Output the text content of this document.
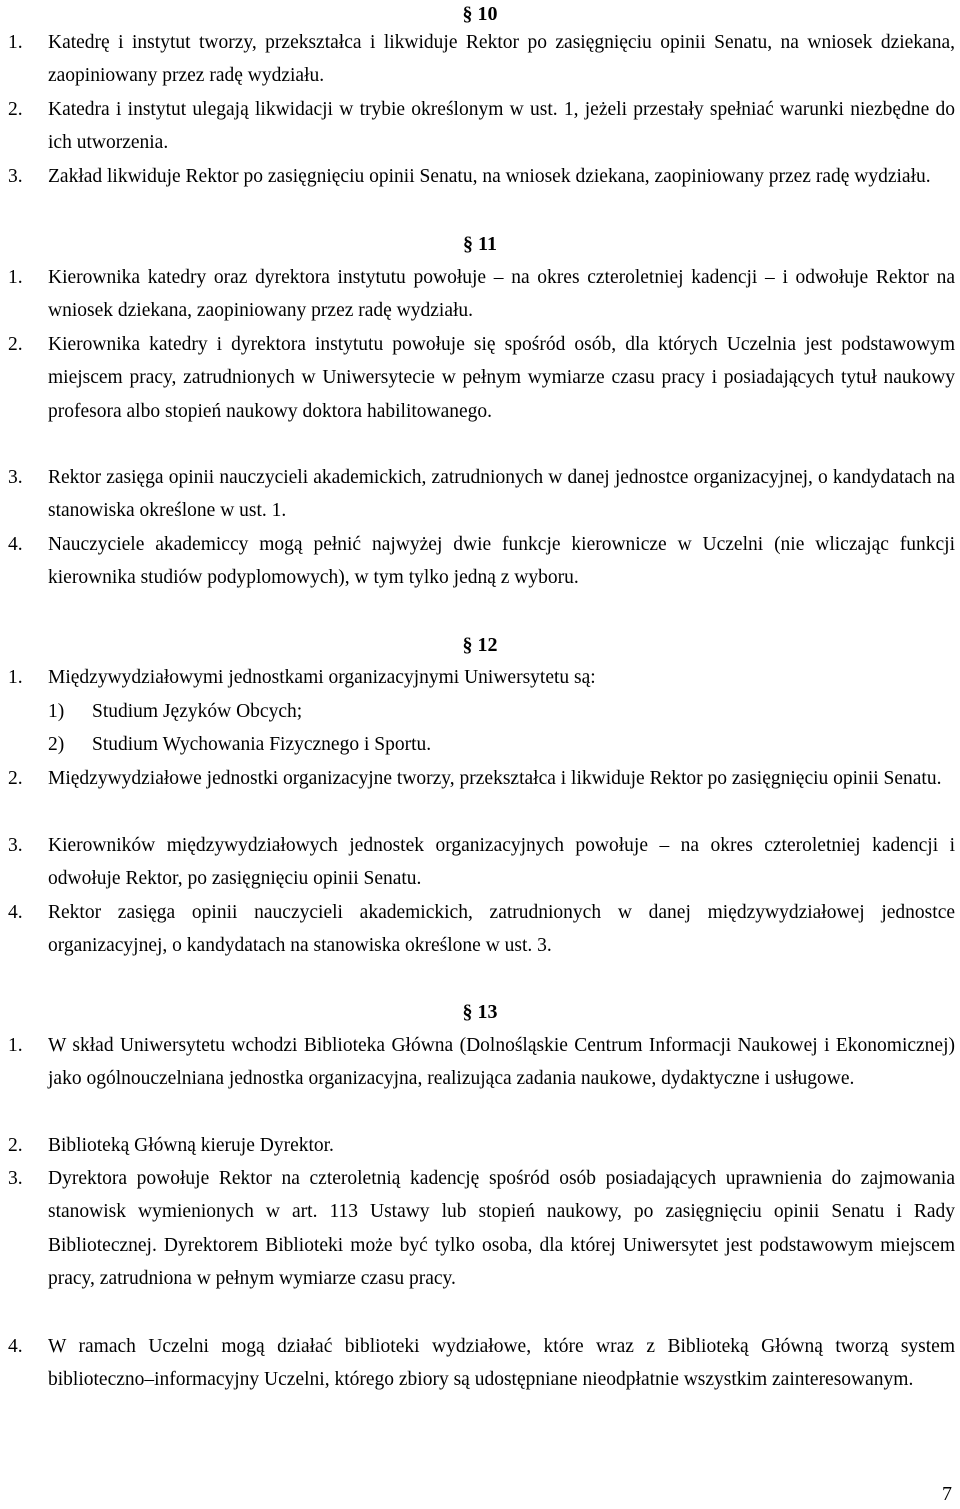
§ 10
1. Katedrę i instytut tworzy, przekształca i likwiduje Rektor po zasięgnięciu opinii Senatu, na wniosek dziekana, zaopiniowany przez radę wydziału.
2. Katedra i instytut ulegają likwidacji w trybie określonym w ust. 1, jeżeli przestały spełniać warunki niezbędne do ich utworzenia.
3. Zakład likwiduje Rektor po zasięgnięciu opinii Senatu, na wniosek dziekana, zaopiniowany przez radę wydziału.
§ 11
1. Kierownika katedry oraz dyrektora instytutu powołuje – na okres czteroletniej kadencji – i odwołuje Rektor na wniosek dziekana, zaopiniowany przez radę wydziału.
2. Kierownika katedry i dyrektora instytutu powołuje się spośród osób, dla których Uczelnia jest podstawowym miejscem pracy, zatrudnionych w Uniwersytecie w pełnym wymiarze czasu pracy i posiadających tytuł naukowy profesora albo stopień naukowy doktora habilitowanego.
3. Rektor zasięga opinii nauczycieli akademickich, zatrudnionych w danej jednostce organizacyjnej, o kandydatach na stanowiska określone w ust. 1.
4. Nauczyciele akademiccy mogą pełnić najwyżej dwie funkcje kierownicze w Uczelni (nie wliczając funkcji kierownika studiów podyplomowych), w tym tylko jedną z wyboru.
§ 12
1. Międzywydziałowymi jednostkami organizacyjnymi Uniwersytetu są:
1) Studium Języków Obcych;
2) Studium Wychowania Fizycznego i Sportu.
2. Międzywydziałowe jednostki organizacyjne tworzy, przekształca i likwiduje Rektor po zasięgnięciu opinii Senatu.
3. Kierowników międzywydziałowych jednostek organizacyjnych powołuje – na okres czteroletniej kadencji i odwołuje Rektor, po zasięgnięciu opinii Senatu.
4. Rektor zasięga opinii nauczycieli akademickich, zatrudnionych w danej międzywydziałowej jednostce organizacyjnej, o kandydatach na stanowiska określone w ust. 3.
§ 13
1. W skład Uniwersytetu wchodzi Biblioteka Główna (Dolnośląskie Centrum Informacji Naukowej i Ekonomicznej) jako ogólnouczelniana jednostka organizacyjna, realizująca zadania naukowe, dydaktyczne i usługowe.
2. Biblioteką Główną kieruje Dyrektor.
3. Dyrektora powołuje Rektor na czteroletnią kadencję spośród osób posiadających uprawnienia do zajmowania stanowisk wymienionych w art. 113 Ustawy lub stopień naukowy, po zasięgnięciu opinii Senatu i Rady Bibliotecznej. Dyrektorem Biblioteki może być tylko osoba, dla której Uniwersytet jest podstawowym miejscem pracy, zatrudniona w pełnym wymiarze czasu pracy.
4. W ramach Uczelni mogą działać biblioteki wydziałowe, które wraz z Biblioteką Główną tworzą system biblioteczno–informacyjny Uczelni, którego zbiory są udostępniane nieodpłatnie wszystkim zainteresowanym.
7
